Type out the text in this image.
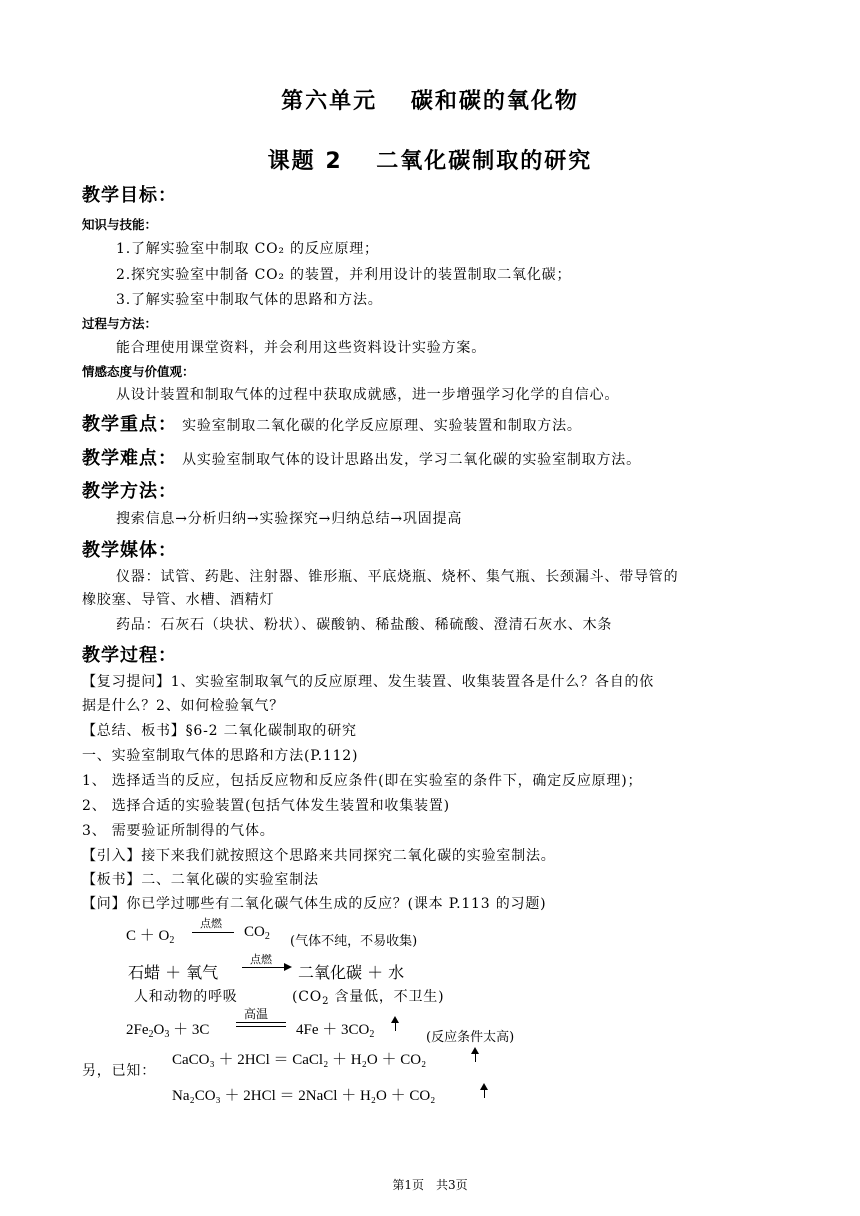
第六单元　 碳和碳的氧化物
课题 2　 二氧化碳制取的研究
教学目标：
知识与技能：
1.了解实验室中制取 CO₂ 的反应原理；
2.探究实验室中制备 CO₂ 的装置，并利用设计的装置制取二氧化碳；
3.了解实验室中制取气体的思路和方法。
过程与方法：
能合理使用课堂资料，并会利用这些资料设计实验方案。
情感态度与价值观：
从设计装置和制取气体的过程中获取成就感，进一步增强学习化学的自信心。
教学重点： 实验室制取二氧化碳的化学反应原理、实验装置和制取方法。
教学难点： 从实验室制取气体的设计思路出发，学习二氧化碳的实验室制取方法。
教学方法：
搜索信息→分析归纳→实验探究→归纳总结→巩固提高
教学媒体：
仪器：试管、药匙、注射器、锥形瓶、平底烧瓶、烧杯、集气瓶、长颈漏斗、带导管的
橡胶塞、导管、水槽、酒精灯
药品：石灰石（块状、粉状）、碳酸钠、稀盐酸、稀硫酸、澄清石灰水、木条
教学过程：
【复习提问】1、实验室制取氧气的反应原理、发生装置、收集装置各是什么？各自的依
据是什么？2、如何检验氧气？
【总结、板书】§6-2 二氧化碳制取的研究
一、实验室制取气体的思路和方法(P.112)
1、 选择适当的反应，包括反应物和反应条件(即在实验室的条件下，确定反应原理)；
2、 选择合适的实验装置(包括气体发生装置和收集装置)
3、 需要验证所制得的气体。
【引入】接下来我们就按照这个思路来共同探究二氧化碳的实验室制法。
【板书】二、二氧化碳的实验室制法
【问】你已学过哪些有二氧化碳气体生成的反应？(课本 P.113 的习题)
$C + O_2$
点燃
$CO_2$ (气体不纯，不易收集)
石蜡 ＋ 氧气
点燃
二氧化碳 ＋ 水
人和动物的呼吸	($CO_2$ 含量低，不卫生)
$2Fe_2O_3 + 3C$
高温
$4Fe + 3CO_2$	(反应条件太高)
另，已知：
CaCO₃ ＋ 2HCl ＝ CaCl₂ ＋ H₂O ＋ CO₂
Na₂CO₃ ＋ 2HCl ＝ 2NaCl ＋ H₂O ＋ CO₂
第1页　共3页
